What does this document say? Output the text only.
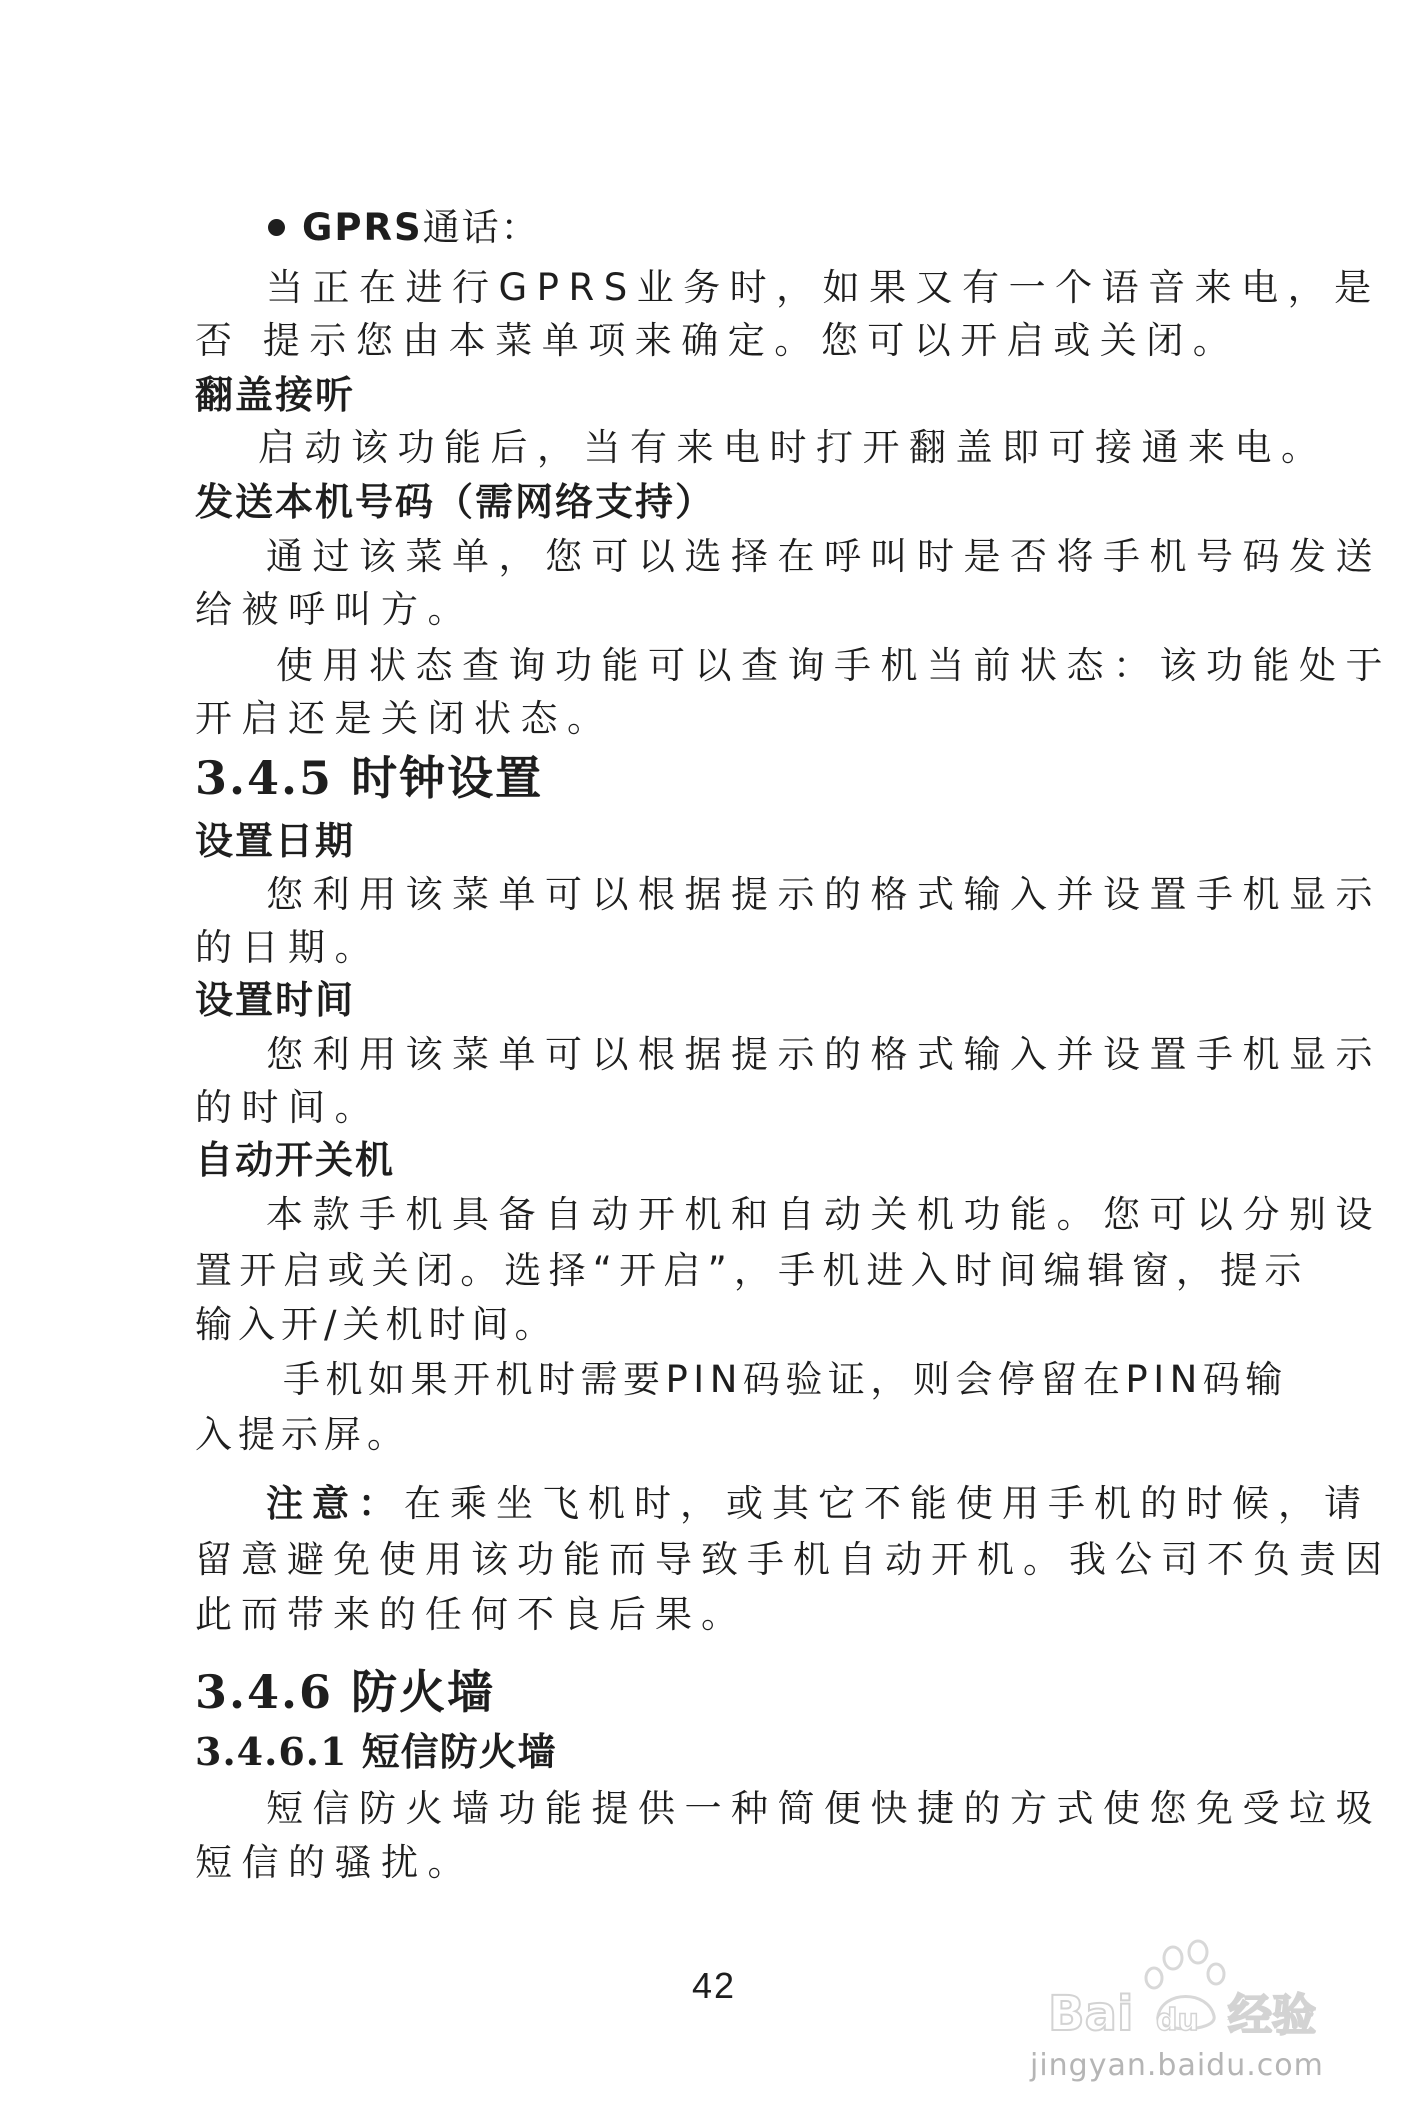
GPRS通话：

当正在进行GPRS业务时，如果又有一个语音来电，是

否 提示您由本菜单项来确定。您可以开启或关闭。

翻盖接听

启动该功能后，当有来电时打开翻盖即可接通来电。

发送本机号码（需网络支持）

通过该菜单，您可以选择在呼叫时是否将手机号码发送

给被呼叫方。

使用状态查询功能可以查询手机当前状态：该功能处于

开启还是关闭状态。

3.4.5 时钟设置

设置日期

您利用该菜单可以根据提示的格式输入并设置手机显示

的日期。

设置时间

您利用该菜单可以根据提示的格式输入并设置手机显示

的时间。

自动开关机

本款手机具备自动开机和自动关机功能。您可以分别设

置开启或关闭。选择“开启”，手机进入时间编辑窗，提示

输入开/关机时间。

手机如果开机时需要PIN码验证，则会停留在PIN码输

入提示屏。

注意：在乘坐飞机时，或其它不能使用手机的时候，请

留意避免使用该功能而导致手机自动开机。我公司不负责因

此而带来的任何不良后果。

3.4.6 防火墙

3.4.6.1 短信防火墙

短信防火墙功能提供一种简便快捷的方式使您免受垃圾

短信的骚扰。

42
Bai du 经验
jingyan.baidu.com
